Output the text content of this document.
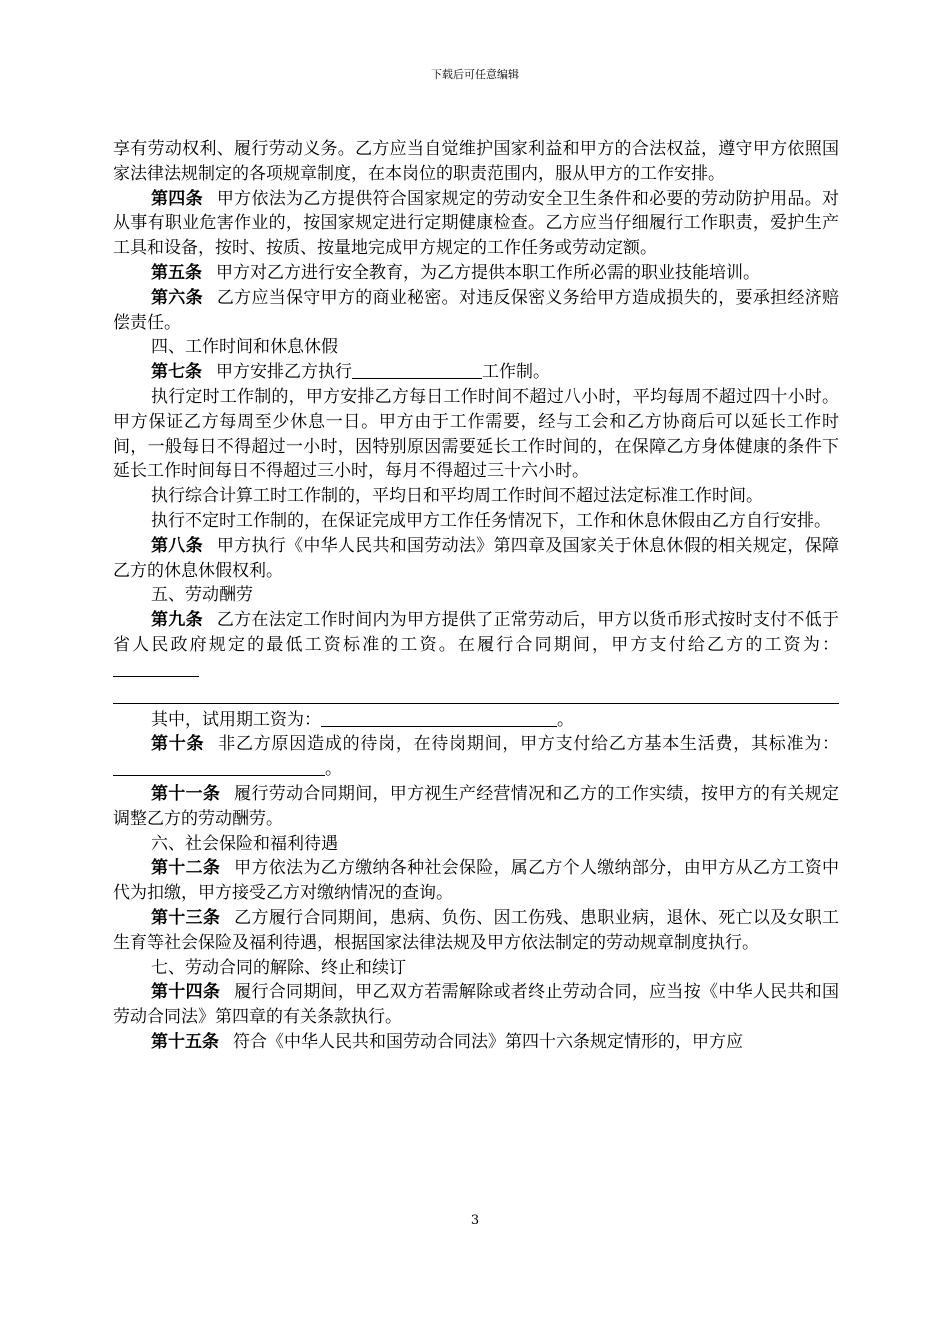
下载后可任意编辑

享有劳动权利、履行劳动义务。乙方应当自觉维护国家利益和甲方的合法权益，遵守甲方依照国家法律法规制定的各项规章制度，在本岗位的职责范围内，服从甲方的工作安排。

第四条 甲方依法为乙方提供符合国家规定的劳动安全卫生条件和必要的劳动防护用品。对从事有职业危害作业的，按国家规定进行定期健康检查。乙方应当仔细履行工作职责，爱护生产工具和设备，按时、按质、按量地完成甲方规定的工作任务或劳动定额。

第五条 甲方对乙方进行安全教育，为乙方提供本职工作所必需的职业技能培训。

第六条 乙方应当保守甲方的商业秘密。对违反保密义务给甲方造成损失的，要承担经济赔偿责任。

四、工作时间和休息休假

第七条 甲方安排乙方执行	工作制。

执行定时工作制的，甲方安排乙方每日工作时间不超过八小时，平均每周不超过四十小时。甲方保证乙方每周至少休息一日。甲方由于工作需要，经与工会和乙方协商后可以延长工作时间，一般每日不得超过一小时，因特别原因需要延长工作时间的，在保障乙方身体健康的条件下延长工作时间每日不得超过三小时，每月不得超过三十六小时。

执行综合计算工时工作制的，平均日和平均周工作时间不超过法定标准工作时间。

执行不定时工作制的，在保证完成甲方工作任务情况下，工作和休息休假由乙方自行安排。

第八条 甲方执行《中华人民共和国劳动法》第四章及国家关于休息休假的相关规定，保障乙方的休息休假权利。

五、劳动酬劳

第九条 乙方在法定工作时间内为甲方提供了正常劳动后，甲方以货币形式按时支付不低于省人民政府规定的最低工资标准的工资。在履行合同期间，甲方支付给乙方的工资为：

其中，试用期工资为：	。

第十条 非乙方原因造成的待岗，在待岗期间，甲方支付给乙方基本生活费，其标准为：。

第十一条 履行劳动合同期间，甲方视生产经营情况和乙方的工作实绩，按甲方的有关规定调整乙方的劳动酬劳。

六、社会保险和福利待遇

第十二条 甲方依法为乙方缴纳各种社会保险，属乙方个人缴纳部分，由甲方从乙方工资中代为扣缴，甲方接受乙方对缴纳情况的查询。

第十三条 乙方履行合同期间，患病、负伤、因工伤残、患职业病，退休、死亡以及女职工生育等社会保险及福利待遇，根据国家法律法规及甲方依法制定的劳动规章制度执行。

七、劳动合同的解除、终止和续订

第十四条 履行合同期间，甲乙双方若需解除或者终止劳动合同，应当按《中华人民共和国劳动合同法》第四章的有关条款执行。

第十五条 符合《中华人民共和国劳动合同法》第四十六条规定情形的，甲方应

3
